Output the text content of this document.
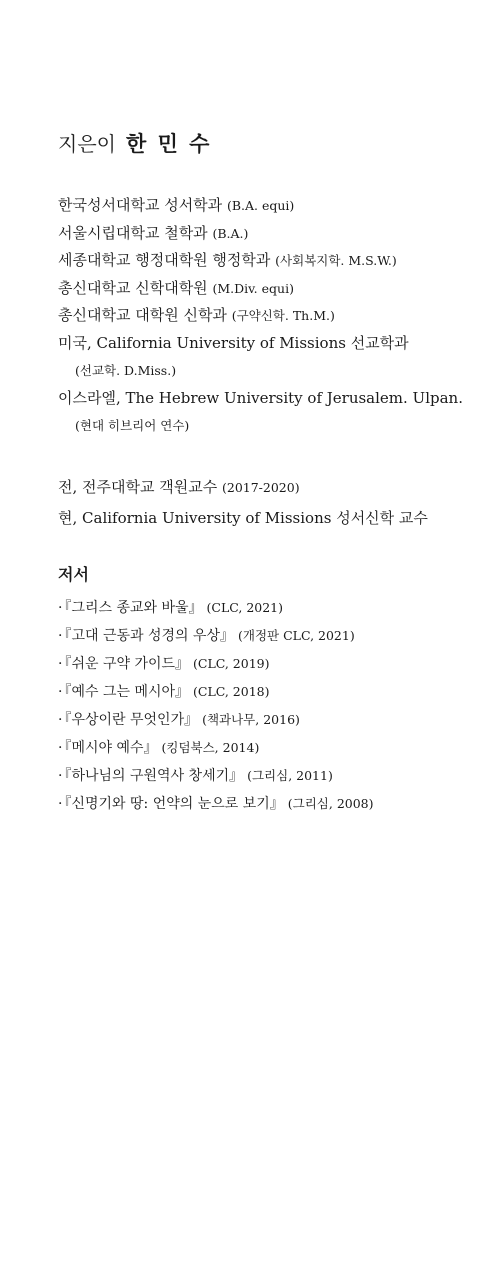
지은이 한 민 수
한국성서대학교 성서학과 (B.A. equi)
서울시립대학교 철학과 (B.A.)
세종대학교 행정대학원 행정학과 (사회복지학. M.S.W.)
총신대학교 신학대학원 (M.Div. equi)
총신대학교 대학원 신학과 (구약신학. Th.M.)
미국, California University of Missions 선교학과
(선교학. D.Miss.)
이스라엘, The Hebrew University of Jerusalem. Ulpan.
(현대 히브리어 연수)
전, 전주대학교 객원교수 (2017-2020)
현, California University of Missions 성서신학 교수
저서
· 『그리스 종교와 바울』 (CLC, 2021)
· 『고대 근동과 성경의 우상』 (개정판 CLC, 2021)
· 『쉬운 구약 가이드』 (CLC, 2019)
· 『예수 그는 메시아』 (CLC, 2018)
· 『우상이란 무엇인가』 (책과나무, 2016)
· 『메시야 예수』 (킹덤북스, 2014)
· 『하나님의 구원역사 창세기』 (그리심, 2011)
· 『신명기와 땅: 언약의 눈으로 보기』 (그리심, 2008)
